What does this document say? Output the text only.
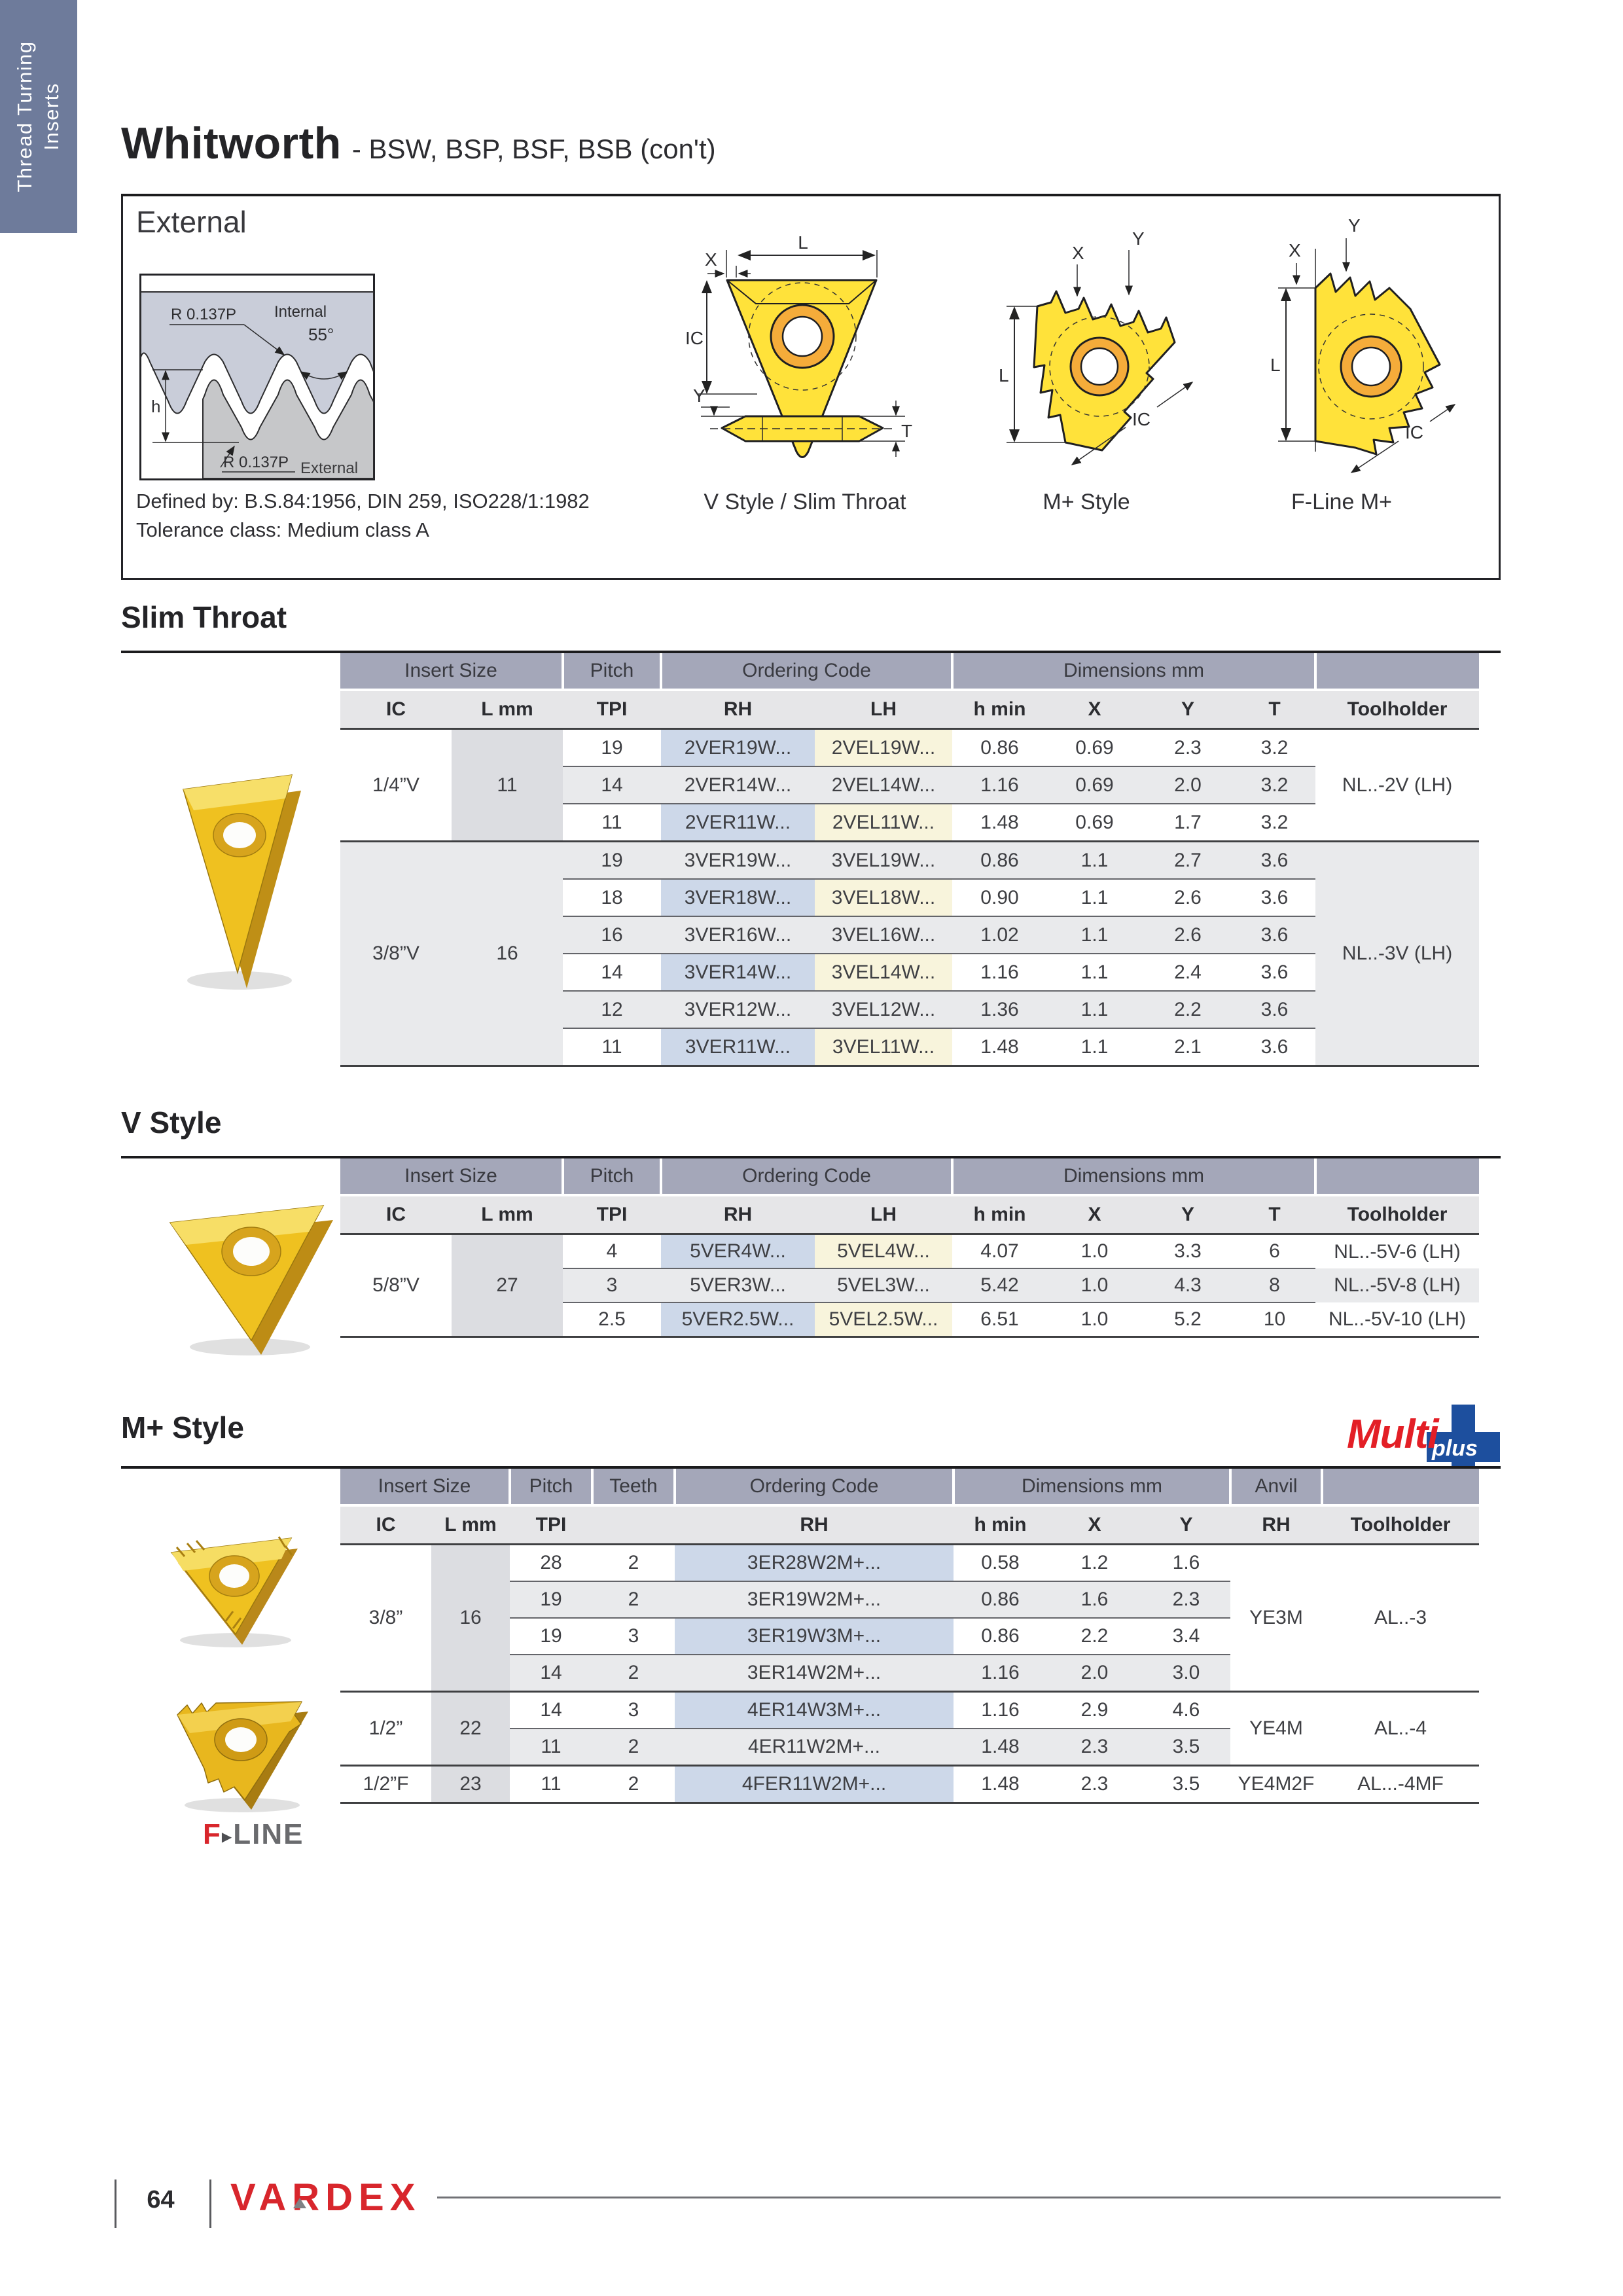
Thread Turning Inserts Whitworth - BSW, BSP, BSF, BSB (con't)
External
R 0.137P Internal
55°
h
R 0.137P External
Defined by: B.S.84:1956, DIN 259, ISO228/1:1982
Tolerance class: Medium class A
L
X
IC
Y
T
V Style / Slim Throat
Y
X
L
IC
M+ Style
Y
X
L
IC
F-Line M+
Slim Throat
Insert Size		Pitch	Ordering Code		Dimensions mm				
IC	L mm	TPI	RH	LH	h min	X	Y	T	Toolholder
1/4”V	11	19	2VER19W...	2VEL19W...	0.86	0.69	2.3	3.2	NL..-2V (LH)
		14	2VER14W...	2VEL14W...	1.16	0.69	2.0	3.2	
		11	2VER11W...	2VEL11W...	1.48	0.69	1.7	3.2	
3/8”V	16	19	3VER19W...	3VEL19W...	0.86	1.1	2.7	3.6	NL..-3V (LH)
		18	3VER18W...	3VEL18W...	0.90	1.1	2.6	3.6	
		16	3VER16W...	3VEL16W...	1.02	1.1	2.6	3.6	
		14	3VER14W...	3VEL14W...	1.16	1.1	2.4	3.6	
		12	3VER12W...	3VEL12W...	1.36	1.1	2.2	3.6	
		11	3VER11W...	3VEL11W...	1.48	1.1	2.1	3.6	
V Style
Insert Size		Pitch	Ordering Code		Dimensions mm				
IC	L mm	TPI	RH	LH	h min	X	Y	T	Toolholder
5/8”V	27	4	5VER4W...	5VEL4W...	4.07	1.0	3.3	6	NL..-5V-6 (LH)
		3	5VER3W...	5VEL3W...	5.42	1.0	4.3	8	NL..-5V-8 (LH)
		2.5	5VER2.5W...	5VEL2.5W...	6.51	1.0	5.2	10	NL..-5V-10 (LH)
M+ Style	Multi
plus
F ▶ LINE
Insert Size		Pitch	Teeth	Ordering Code	Dimensions mm			Anvil	
IC	L mm	TPI		RH	h min	X	Y	RH	Toolholder
3/8”	16	28	2	3ER28W2M+...	0.58	1.2	1.6	YE3M	AL..-3
		19	2	3ER19W2M+...	0.86	1.6	2.3		
		19	3	3ER19W3M+...	0.86	2.2	3.4		
		14	2	3ER14W2M+...	1.16	2.0	3.0		
1/2”	22	14	3	4ER14W3M+...	1.16	2.9	4.6	YE4M	AL..-4
		11	2	4ER11W2M+...	1.48	2.3	3.5		
1/2”F	23	11	2	4FER11W2M+...	1.48	2.3	3.5	YE4M2F	AL...-4MF
64	VARDEX
